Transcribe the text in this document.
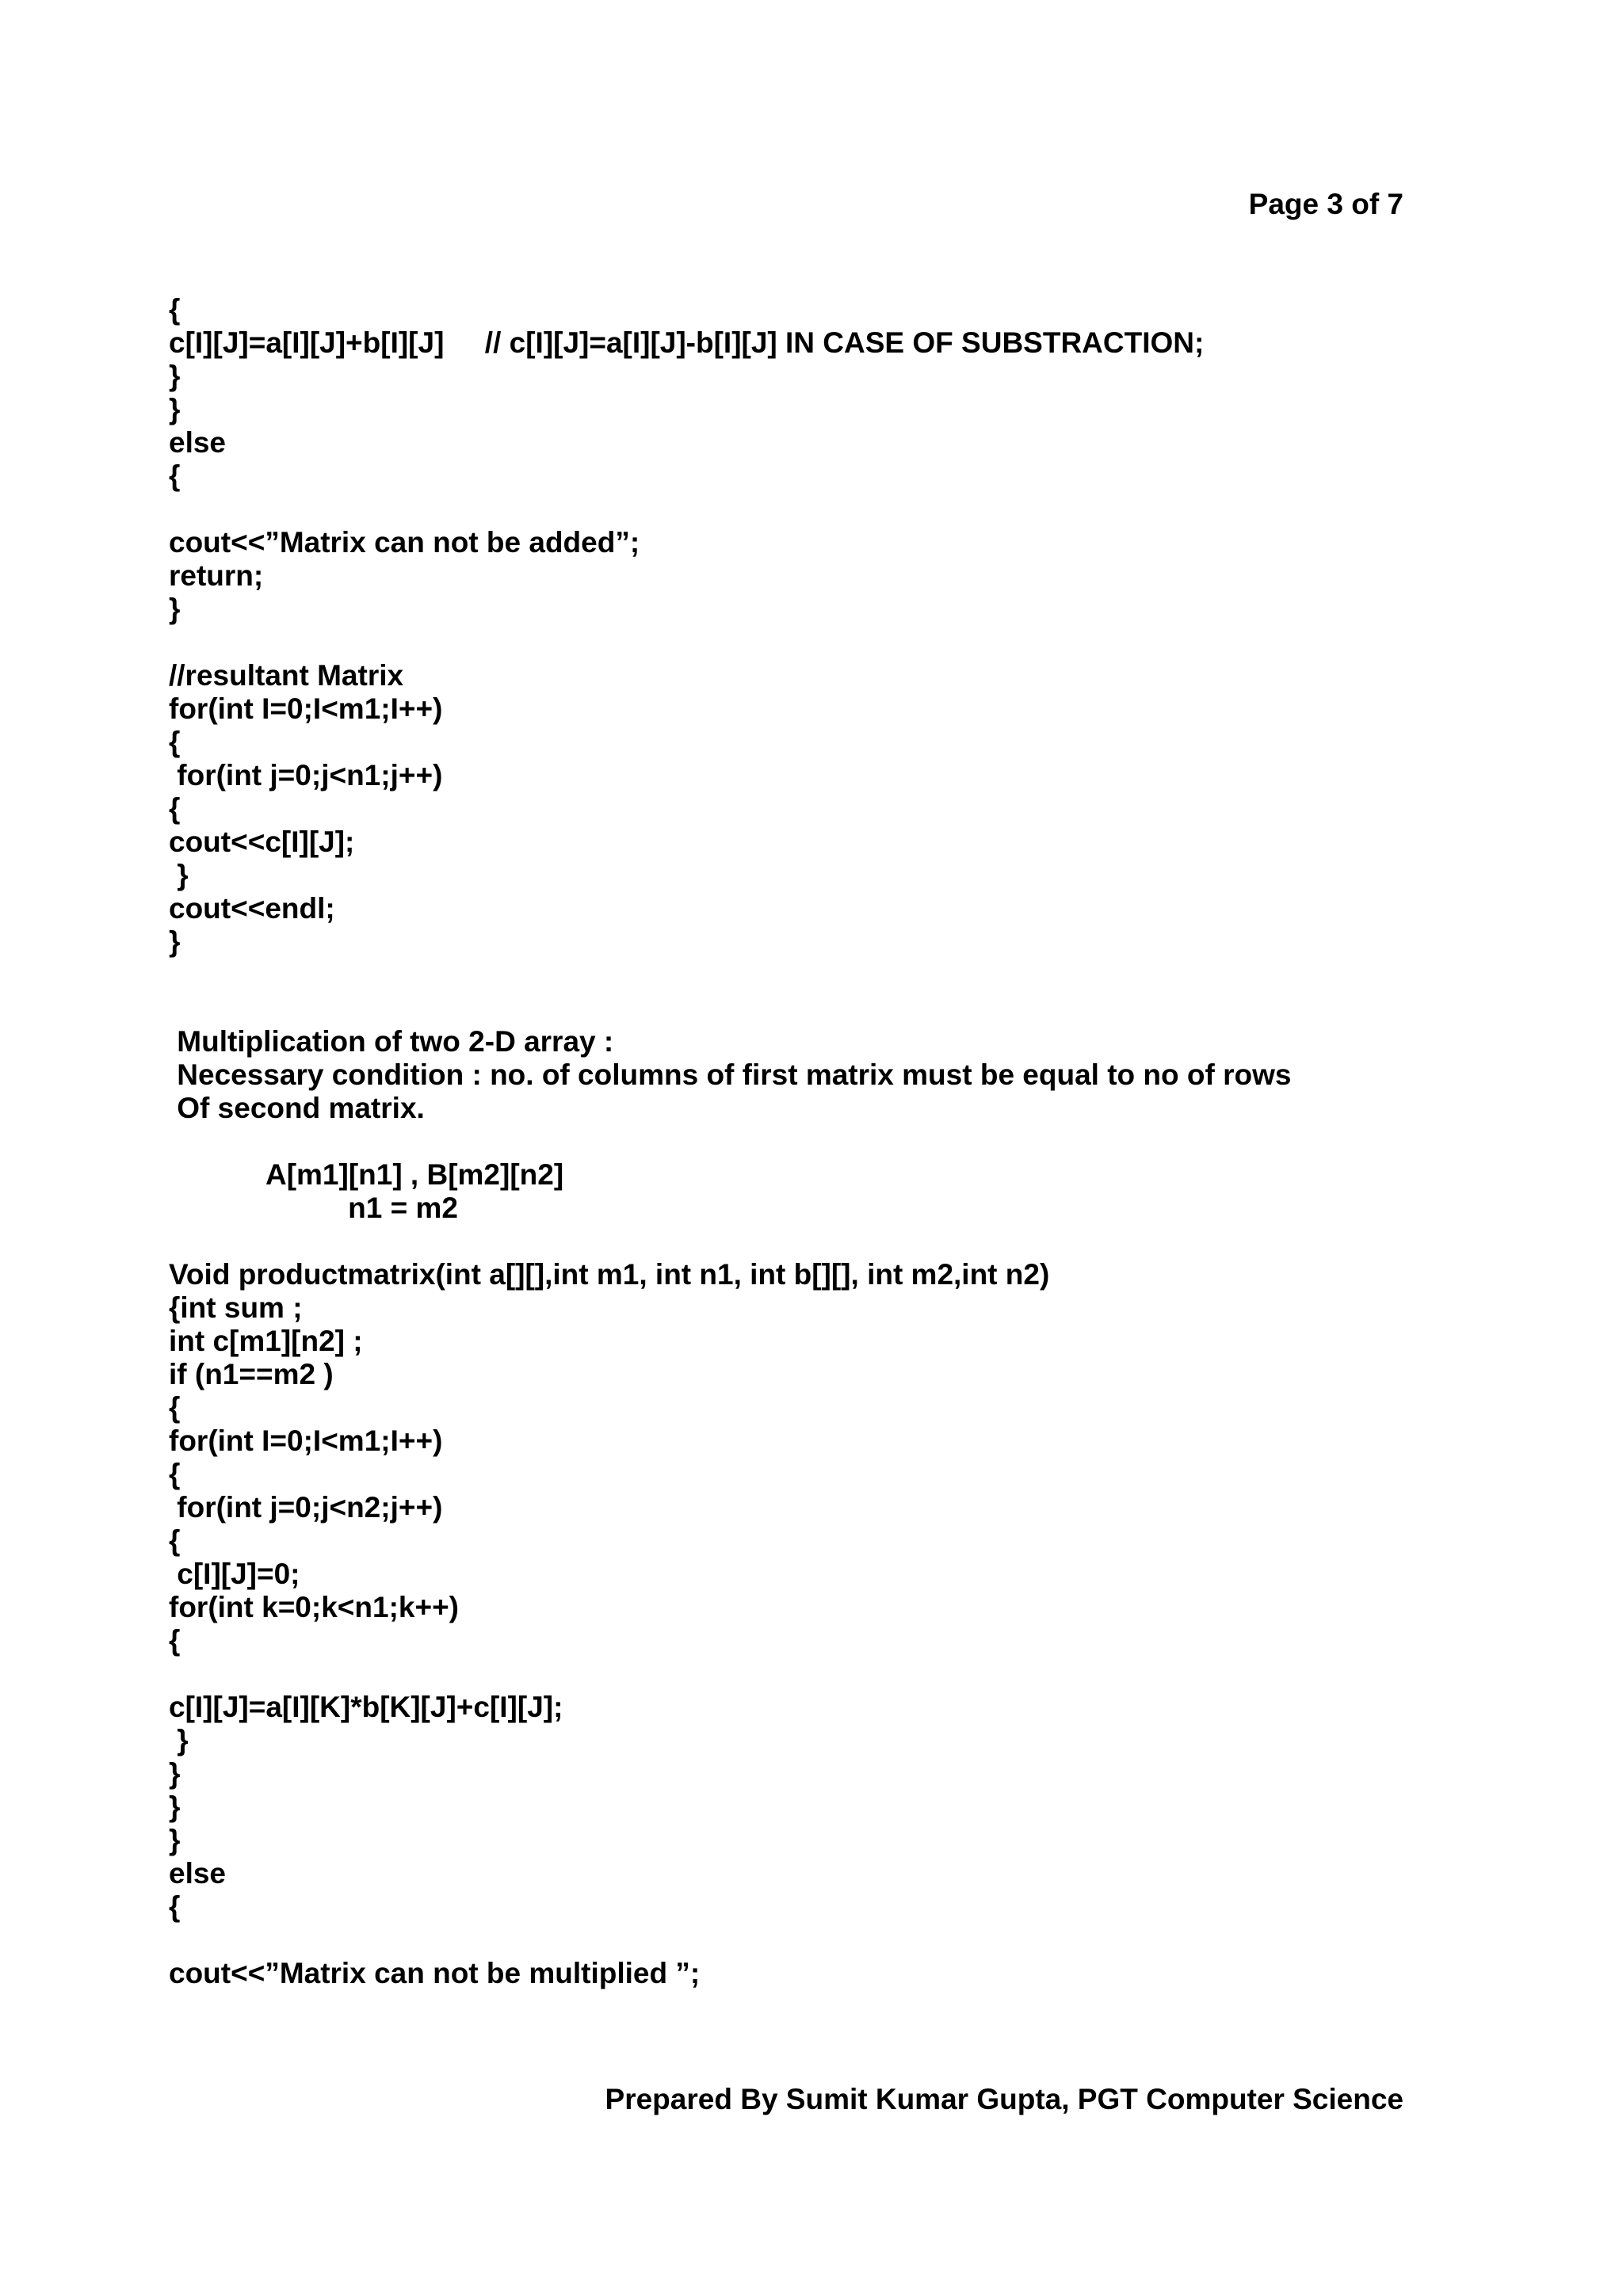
Page 3 of 7
{
c[I][J]=a[I][J]+b[I][J]     // c[I][J]=a[I][J]-b[I][J] IN CASE OF SUBSTRACTION;
}
}
else
{
cout<<”Matrix can not be added”;
return;
}
//resultant Matrix
for(int I=0;I<m1;I++)
{
for(int j=0;j<n1;j++)
{
cout<<c[I][J];
}
cout<<endl;
}
Multiplication of two 2-D array :
Necessary condition : no. of columns of first matrix must be equal to no of rows
Of second matrix.
A[m1][n1] , B[m2][n2]
n1 = m2
Void productmatrix(int a[][],int m1, int n1, int b[][], int m2,int n2)
{int sum ;
int c[m1][n2] ;
if (n1==m2 )
{
for(int I=0;I<m1;I++)
{
for(int j=0;j<n2;j++)
{
c[I][J]=0;
for(int k=0;k<n1;k++)
{
c[I][J]=a[I][K]*b[K][J]+c[I][J];
}
}
}
}
else
{
cout<<”Matrix can not be multiplied ”;
Prepared By Sumit Kumar Gupta, PGT Computer Science
